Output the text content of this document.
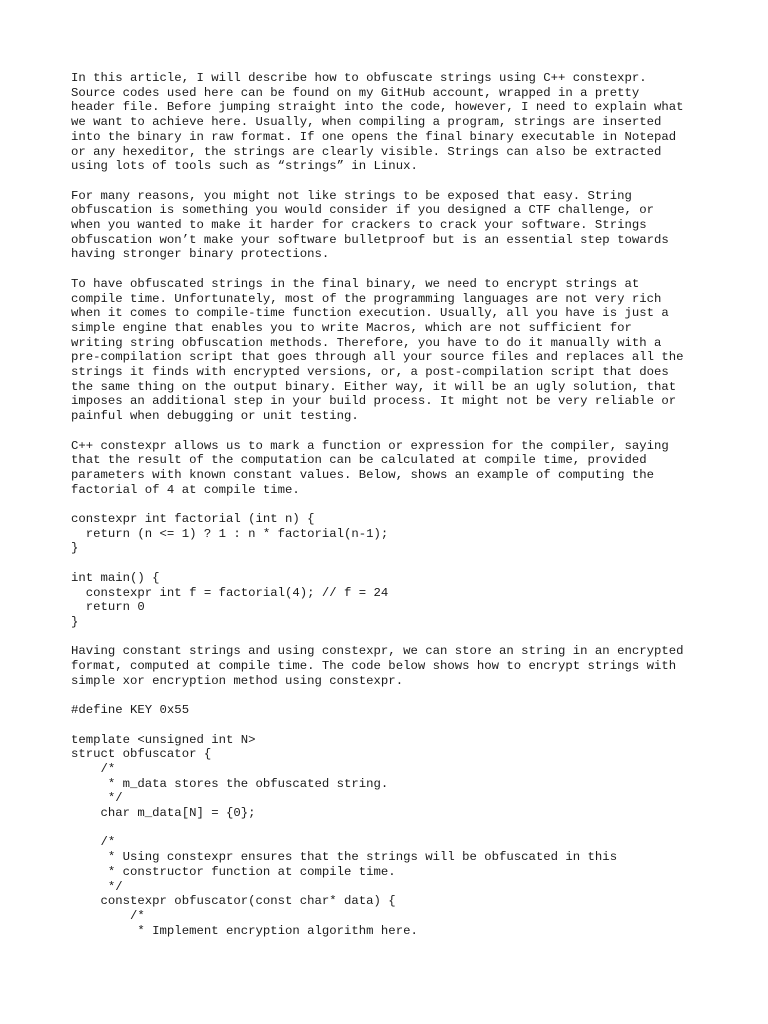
In this article, I will describe how to obfuscate strings using C++ constexpr.
Source codes used here can be found on my GitHub account, wrapped in a pretty
header file. Before jumping straight into the code, however, I need to explain what
we want to achieve here. Usually, when compiling a program, strings are inserted
into the binary in raw format. If one opens the final binary executable in Notepad
or any hexeditor, the strings are clearly visible. Strings can also be extracted
using lots of tools such as “strings” in Linux.

For many reasons, you might not like strings to be exposed that easy. String
obfuscation is something you would consider if you designed a CTF challenge, or
when you wanted to make it harder for crackers to crack your software. Strings
obfuscation won’t make your software bulletproof but is an essential step towards
having stronger binary protections.

To have obfuscated strings in the final binary, we need to encrypt strings at
compile time. Unfortunately, most of the programming languages are not very rich
when it comes to compile-time function execution. Usually, all you have is just a
simple engine that enables you to write Macros, which are not sufficient for
writing string obfuscation methods. Therefore, you have to do it manually with a
pre-compilation script that goes through all your source files and replaces all the
strings it finds with encrypted versions, or, a post-compilation script that does
the same thing on the output binary. Either way, it will be an ugly solution, that
imposes an additional step in your build process. It might not be very reliable or
painful when debugging or unit testing.

C++ constexpr allows us to mark a function or expression for the compiler, saying
that the result of the computation can be calculated at compile time, provided
parameters with known constant values. Below, shows an example of computing the
factorial of 4 at compile time.

constexpr int factorial (int n) {
return (n <= 1) ? 1 : n * factorial(n-1);
}
int main() {
constexpr int f = factorial(4); // f = 24
return 0
}

Having constant strings and using constexpr, we can store an string in an encrypted
format, computed at compile time. The code below shows how to encrypt strings with
simple xor encryption method using constexpr.

#define KEY 0x55
template <unsigned int N>
struct obfuscator {
/*
* m_data stores the obfuscated string.
*/
char m_data[N] = {0};
/*
* Using constexpr ensures that the strings will be obfuscated in this
* constructor function at compile time.
*/
constexpr obfuscator(const char* data) {
/*
* Implement encryption algorithm here.
